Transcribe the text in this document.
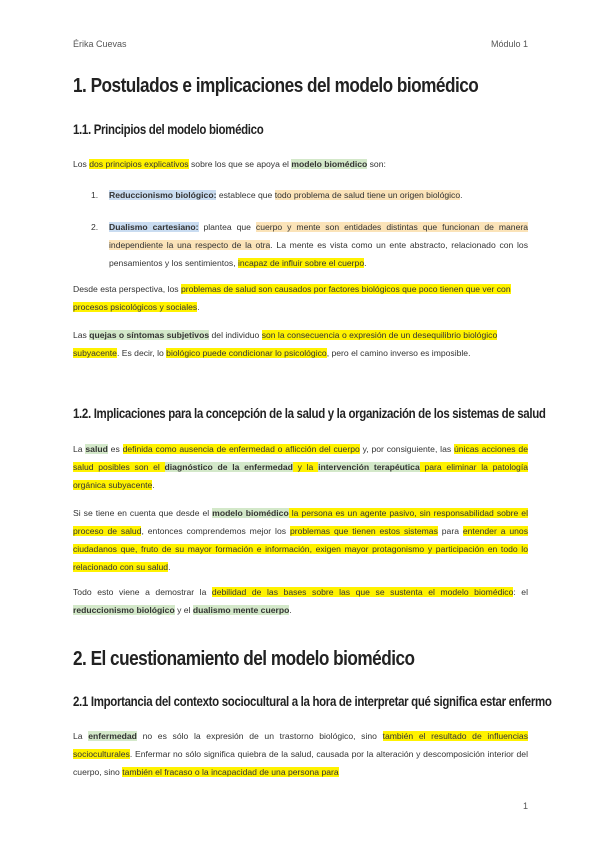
Érika Cuevas	Módulo 1
1. Postulados e implicaciones del modelo biomédico
1.1. Principios del modelo biomédico

Los dos principios explicativos sobre los que se apoya el modelo biomédico son:

1. Reduccionismo biológico: establece que todo problema de salud tiene un origen biológico.
2. Dualismo cartesiano: plantea que cuerpo y mente son entidades distintas que funcionan de manera independiente la una respecto de la otra. La mente es vista como un ente abstracto, relacionado con los pensamientos y los sentimientos, incapaz de influir sobre el cuerpo.

Desde esta perspectiva, los problemas de salud son causados por factores biológicos que poco tienen que ver con procesos psicológicos y sociales.

Las quejas o síntomas subjetivos del individuo son la consecuencia o expresión de un desequilibrio biológico subyacente. Es decir, lo biológico puede condicionar lo psicológico, pero el camino inverso es imposible.

1.2. Implicaciones para la concepción de la salud y la organización de los sistemas de salud

La salud es definida como ausencia de enfermedad o aflicción del cuerpo y, por consiguiente, las únicas acciones de salud posibles son el diagnóstico de la enfermedad y la intervención terapéutica para eliminar la patología orgánica subyacente.

Si se tiene en cuenta que desde el modelo biomédico la persona es un agente pasivo, sin responsabilidad sobre el proceso de salud, entonces comprendemos mejor los problemas que tienen estos sistemas para entender a unos ciudadanos que, fruto de su mayor formación e información, exigen mayor protagonismo y participación en todo lo relacionado con su salud.

Todo esto viene a demostrar la debilidad de las bases sobre las que se sustenta el modelo biomédico: el reduccionismo biológico y el dualismo mente cuerpo.

2. El cuestionamiento del modelo biomédico
2.1 Importancia del contexto sociocultural a la hora de interpretar qué significa estar enfermo

La enfermedad no es sólo la expresión de un trastorno biológico, sino también el resultado de influencias socioculturales. Enfermar no sólo significa quiebra de la salud, causada por la alteración y descomposición interior del cuerpo, sino también el fracaso o la incapacidad de una persona para

1
